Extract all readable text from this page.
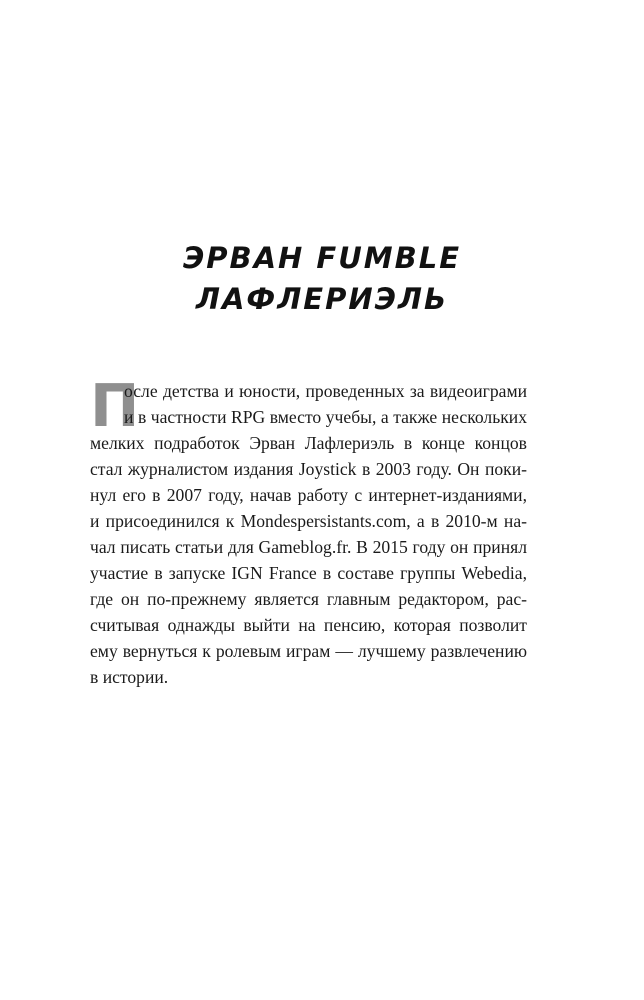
ЭРВАН FUMBLE
ЛАФЛЕРИЭЛЬ
П
осле детства и юности, проведенных за видеоиграми
и в частности RPG вместо учебы, а также нескольких
мелких подработок Эрван Лафлериэль в конце концов
стал журналистом издания Joystick в 2003 году. Он поки-
нул его в 2007 году, начав работу с интернет-изданиями,
и присоединился к Mondespersistants.com, а в 2010-м на-
чал писать статьи для Gameblog.fr. В 2015 году он принял
участие в запуске IGN France в составе группы Webedia,
где он по-прежнему является главным редактором, рас-
считывая однажды выйти на пенсию, которая позволит
ему вернуться к ролевым играм — лучшему развлечению
в истории.
